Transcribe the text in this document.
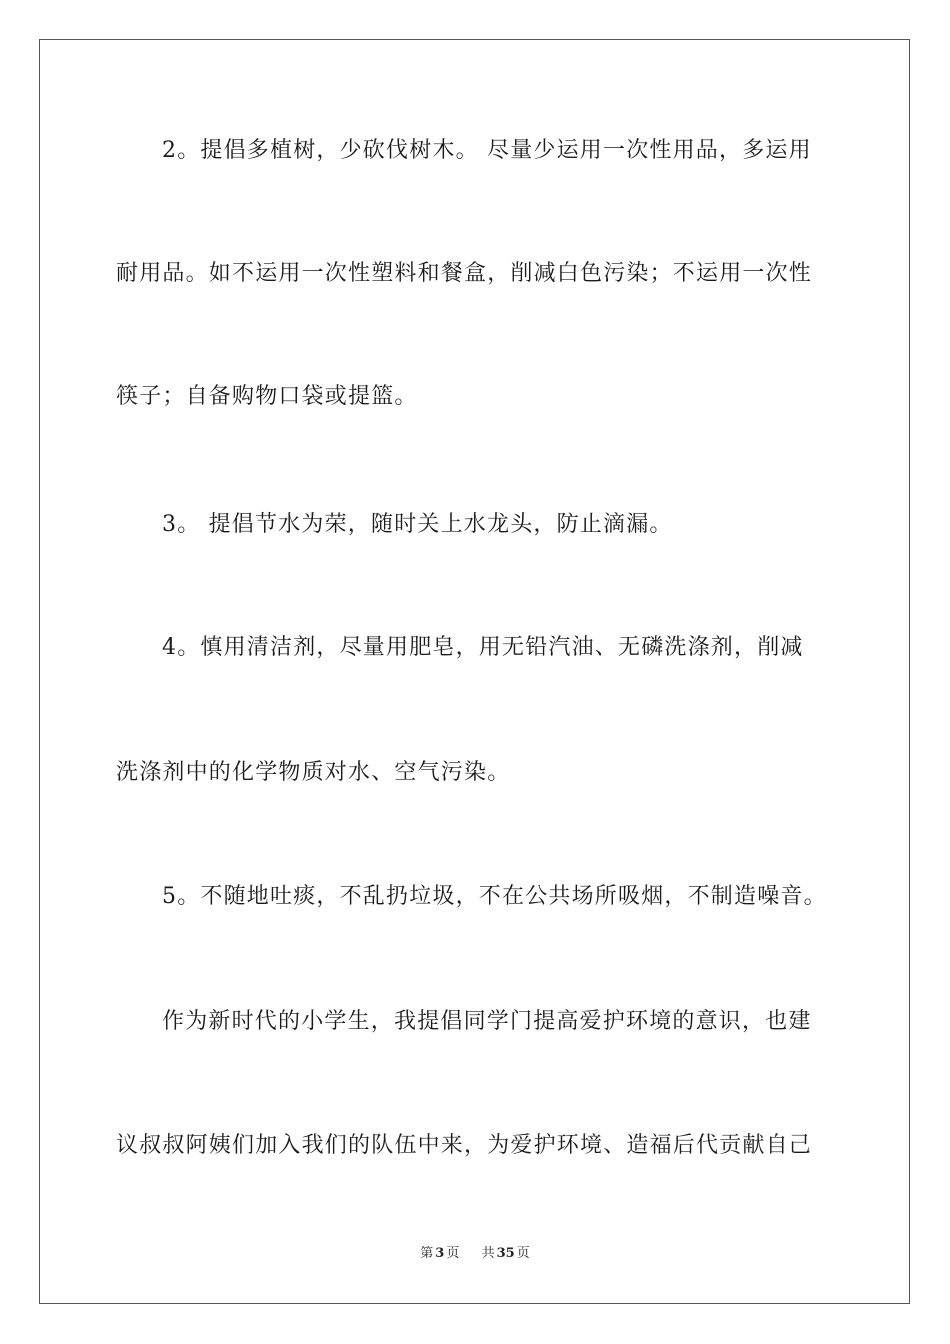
2。提倡多植树，少砍伐树木。 尽量少运用一次性用品，多运用
耐用品。如不运用一次性塑料和餐盒，削减白色污染；不运用一次性
筷子；自备购物口袋或提篮。
3。 提倡节水为荣，随时关上水龙头，防止滴漏。
4。慎用清洁剂，尽量用肥皂，用无铅汽油、无磷洗涤剂，削减
洗涤剂中的化学物质对水、空气污染。
5。不随地吐痰，不乱扔垃圾，不在公共场所吸烟，不制造噪音。
作为新时代的小学生，我提倡同学门提高爱护环境的意识，也建
议叔叔阿姨们加入我们的队伍中来，为爱护环境、造福后代贡献自己
第 3 页 共 35 页
